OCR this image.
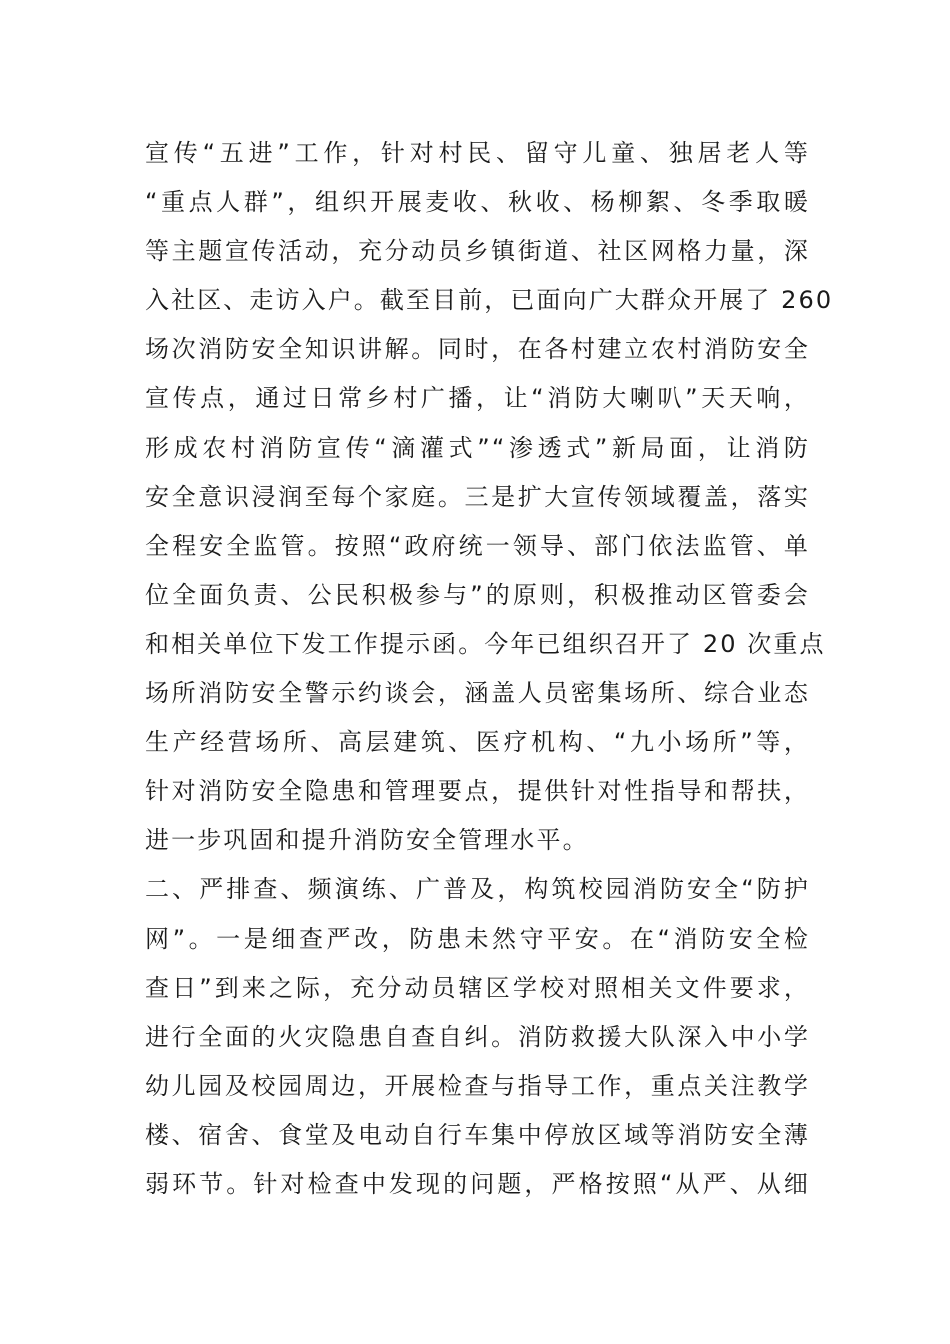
宣传“五进”工作，针对村民、留守儿童、独居老人等
“重点人群”，组织开展麦收、秋收、杨柳絮、冬季取暖
等主题宣传活动，充分动员乡镇街道、社区网格力量，深
入社区、走访入户。截至目前，已面向广大群众开展了 260
场次消防安全知识讲解。同时，在各村建立农村消防安全
宣传点，通过日常乡村广播，让“消防大喇叭”天天响，
形成农村消防宣传“滴灌式”“渗透式”新局面，让消防
安全意识浸润至每个家庭。三是扩大宣传领域覆盖，落实
全程安全监管。按照“政府统一领导、部门依法监管、单
位全面负责、公民积极参与”的原则，积极推动区管委会
和相关单位下发工作提示函。今年已组织召开了 20 次重点
场所消防安全警示约谈会，涵盖人员密集场所、综合业态
生产经营场所、高层建筑、医疗机构、“九小场所”等，
针对消防安全隐患和管理要点，提供针对性指导和帮扶，
进一步巩固和提升消防安全管理水平。
二、严排查、频演练、广普及，构筑校园消防安全“防护
网”。一是细查严改，防患未然守平安。在“消防安全检
查日”到来之际，充分动员辖区学校对照相关文件要求，
进行全面的火灾隐患自查自纠。消防救援大队深入中小学
幼儿园及校园周边，开展检查与指导工作，重点关注教学
楼、宿舍、食堂及电动自行车集中停放区域等消防安全薄
弱环节。针对检查中发现的问题，严格按照“从严、从细
